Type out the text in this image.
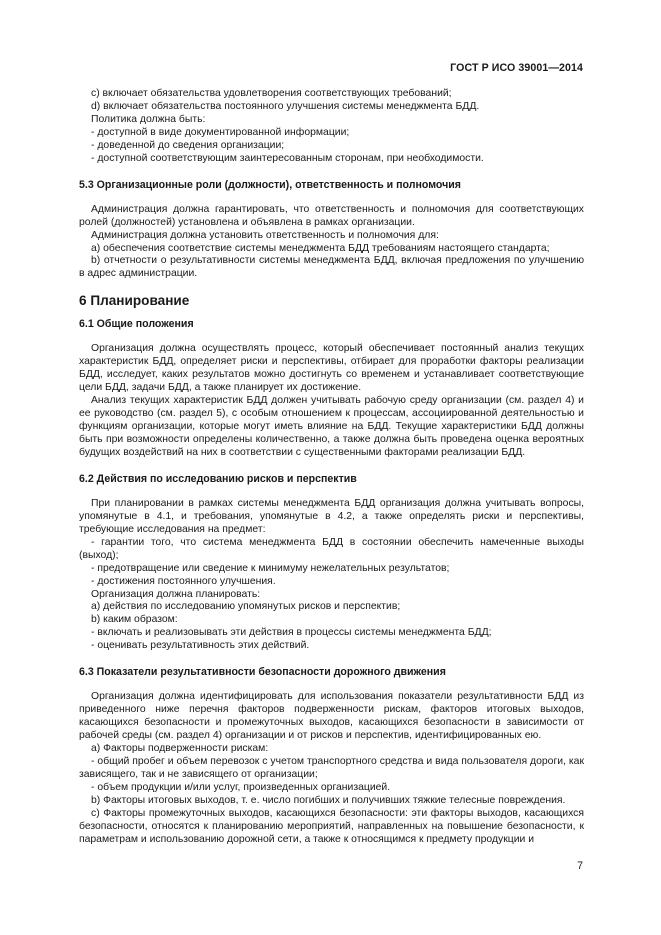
ГОСТ Р ИСО 39001—2014

c) включает обязательства удовлетворения соответствующих требований;

d) включает обязательства постоянного улучшения системы менеджмента БДД.

Политика должна быть:

- доступной в виде документированной информации;

- доведенной до сведения организации;

- доступной соответствующим заинтересованным сторонам, при необходимости.

5.3 Организационные роли (должности), ответственность и полномочия

Администрация должна гарантировать, что ответственность и полномочия для соответствующих ролей (должностей) установлена и объявлена в рамках организации.

Администрация должна установить ответственность и полномочия для:

а) обеспечения соответствие системы менеджмента БДД требованиям настоящего стандарта;

b) отчетности о результативности системы менеджмента БДД, включая предложения по улучшению в адрес администрации.

6 Планирование
6.1 Общие положения

Организация должна осуществлять процесс, который обеспечивает постоянный анализ текущих характеристик БДД, определяет риски и перспективы, отбирает для проработки факторы реализации БДД, исследует, каких результатов можно достигнуть со временем и устанавливает соответствующие цели БДД, задачи БДД, а также планирует их достижение.

Анализ текущих характеристик БДД должен учитывать рабочую среду организации (см. раздел 4) и ее руководство (см. раздел 5), с особым отношением к процессам, ассоциированной деятельностью и функциям организации, которые могут иметь влияние на БДД. Текущие характеристики БДД должны быть при возможности определены количественно, а также должна быть проведена оценка вероятных будущих воздействий на них в соответствии с существенными факторами реализации БДД.

6.2 Действия по исследованию рисков и перспектив

При планировании в рамках системы менеджмента БДД организация должна учитывать вопросы, упомянутые в 4.1, и требования, упомянутые в 4.2, а также определять риски и перспективы, требующие исследования на предмет:

- гарантии того, что система менеджмента БДД в состоянии обеспечить намеченные выходы (выход);

- предотвращение или сведение к минимуму нежелательных результатов;

- достижения постоянного улучшения.

Организация должна планировать:

а) действия по исследованию упомянутых рисков и перспектив;

b) каким образом:

- включать и реализовывать эти действия в процессы системы менеджмента БДД;

- оценивать результативность этих действий.

6.3 Показатели результативности безопасности дорожного движения

Организация должна идентифицировать для использования показатели результативности БДД из приведенного ниже перечня факторов подверженности рискам, факторов итоговых выходов, касающихся безопасности и промежуточных выходов, касающихся безопасности в зависимости от рабочей среды (см. раздел 4) организации и от рисков и перспектив, идентифицированных ею.

а) Факторы подверженности рискам:

- общий пробег и объем перевозок с учетом транспортного средства и вида пользователя дороги, как зависящего, так и не зависящего от организации;

- объем продукции и/или услуг, произведенных организацией.

b) Факторы итоговых выходов, т. е. число погибших и получивших тяжкие телесные повреждения.

c) Факторы промежуточных выходов, касающихся безопасности: эти факторы выходов, касающихся безопасности, относятся к планированию мероприятий, направленных на повышение безопасности, к параметрам и использованию дорожной сети, а также к относящимся к предмету продукции и

7
